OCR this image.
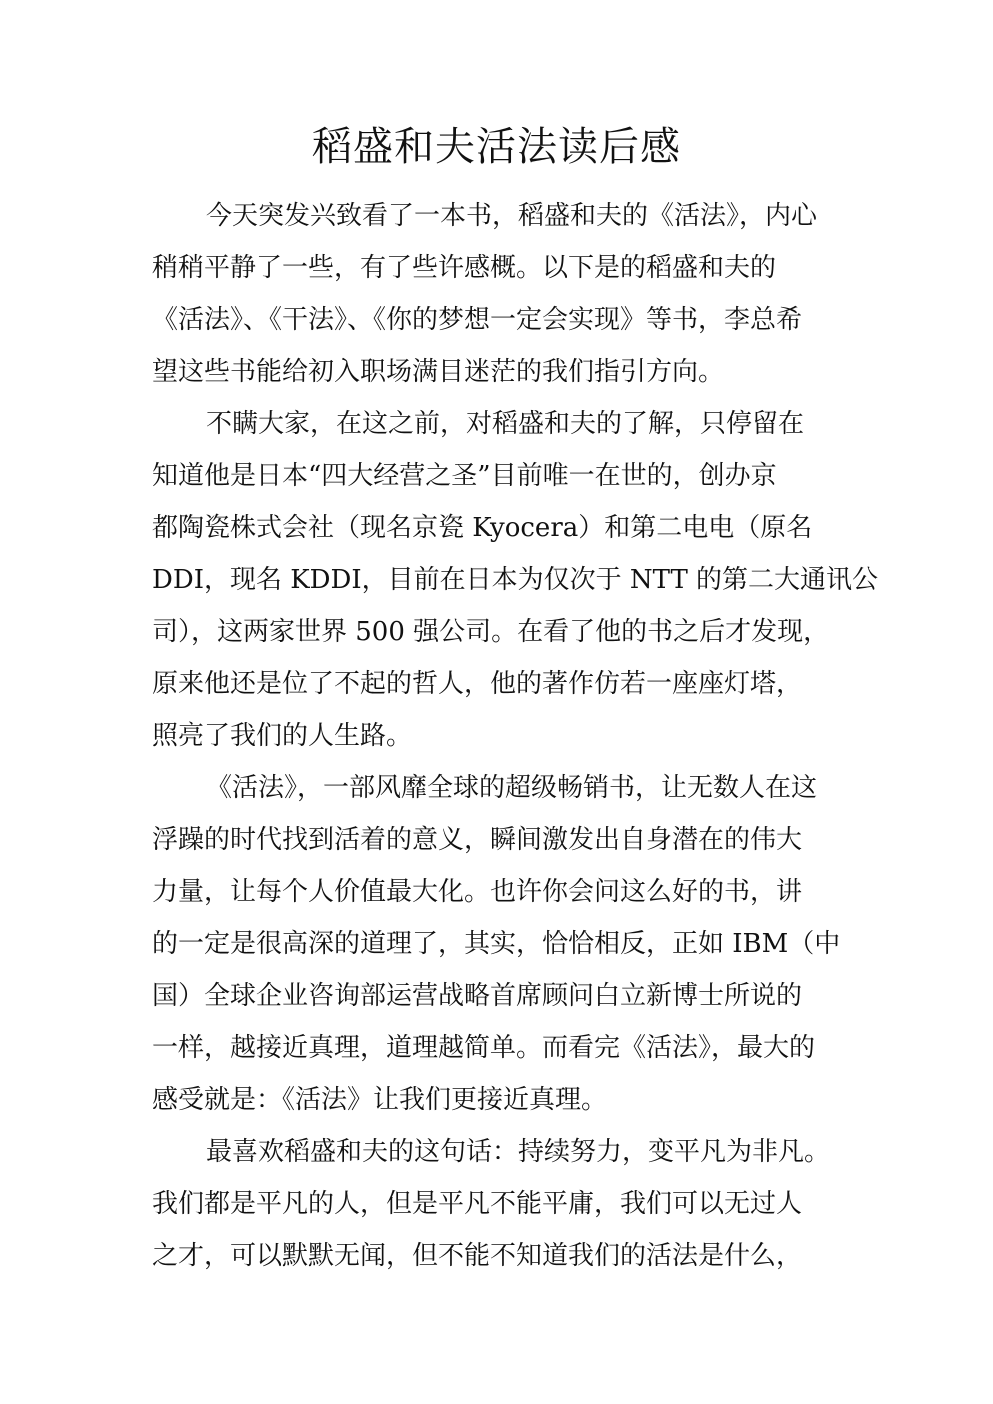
稻盛和夫活法读后感
今天突发兴致看了一本书，稻盛和夫的《活法》，内心
稍稍平静了一些，有了些许感概。以下是的稻盛和夫的
《活法》、《干法》、《你的梦想一定会实现》等书，李总希
望这些书能给初入职场满目迷茫的我们指引方向。
不瞒大家，在这之前，对稻盛和夫的了解，只停留在
知道他是日本“四大经营之圣”目前唯一在世的，创办京
都陶瓷株式会社（现名京瓷 Kyocera）和第二电电（原名
DDI，现名 KDDI，目前在日本为仅次于 NTT 的第二大通讯公
司），这两家世界 500 强公司。在看了他的书之后才发现，
原来他还是位了不起的哲人，他的著作仿若一座座灯塔，
照亮了我们的人生路。
《活法》，一部风靡全球的超级畅销书，让无数人在这
浮躁的时代找到活着的意义，瞬间激发出自身潜在的伟大
力量，让每个人价值最大化。也许你会问这么好的书，讲
的一定是很高深的道理了，其实，恰恰相反，正如 IBM（中
国）全球企业咨询部运营战略首席顾问白立新博士所说的
一样，越接近真理，道理越简单。而看完《活法》，最大的
感受就是：《活法》让我们更接近真理。
最喜欢稻盛和夫的这句话：持续努力，变平凡为非凡。
我们都是平凡的人，但是平凡不能平庸，我们可以无过人
之才，可以默默无闻，但不能不知道我们的活法是什么，
